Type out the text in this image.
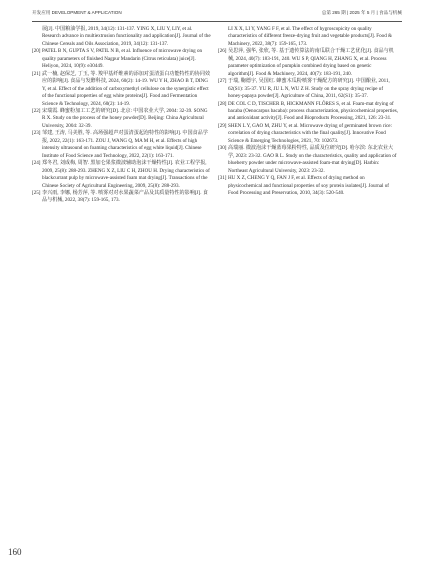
开发应用 DEVELOPMENT & APPLICATION	总第 265 期 | 2025 年 5 月 | 食品与机械

展[J]. 中国粮油学报, 2019, 34(12): 131-137. YING X, LIU Y, LIY, et al. Research advance in multiextrusion functionality and application[J]. Journal of the Chinese Cereals and Oils Association, 2019, 34(12): 131-137.

[20] PATEL B N, GUPTA S V, PATIL N B, et al. Influence of microwave drying on quality parameters of finished Nagpur Mandarin (Citrus reticulata) juice[J]. Heliyon, 2024, 10(9): e30449.

[21] 武一楠, 赵保芝, 丁玉, 等. 羧甲基纤维素的添加对蛋清蛋白功能特性的协同效应的影响[J]. 食品与发酵科技, 2024, 60(2): 14-19. WU Y H, ZHAO B T, DING Y, et al. Effect of the addition of carboxymethyl cellulose on the synergistic effect of the functional properties of egg white proteins[J]. Food and Fermentation Science & Technology, 2024, 60(2): 14-19.

[22] 宋瑞霞. 蜂蜜粉加工工艺的研究[D]. 北京: 中国农业大学, 2004: 32-39. SONG R X. Study on the process of the honey powder[D]. Beijing: China Agricultural University, 2004: 32-39.

[23] 邹建, 王涛, 马美胜, 等. 高场强超声对蛋清蛋起泡特性的影响[J]. 中国食品学报, 2022, 22(1): 163-171. ZOU J, WANG Q, MA M H, et al. Effects of high intensity ultrasound on foaming characteristics of egg white liquid[J]. Chinese Institute of Food Science and Technology, 2022, 22(1): 163-171.

[24] 郑冬君, 刘成梅, 周智. 黑加仑果浆微波辅助泡沫干燥特性[J]. 农业工程学报, 2009, 25(8): 288-293. ZHENG X Z, LIU C H, ZHOU H. Drying characteristics of blackcurrant pulp by microwave-assisted foam mat drying[J]. Transactions of the Chinese Society of Agricultural Engineering, 2009, 25(8): 288-293.

[25] 李兴雨, 李娜, 杨芳萍, 等. 喷雾对对水果蔬菜产品及其质量特性的影响[J]. 食品与机械, 2022, 38(7): 159-165, 173.

LI X X, LI Y, YANG F F, et al. The effect of hygroscopicity on quality characteristics of different freeze-drying fruit and vegetable products[J]. Food & Machinery, 2022, 38(7): 159-165, 173.

[26] 吴思萍, 强华, 张欣, 等. 基于遗传算法的南瓜联合干燥工艺优化[J]. 食品与机械, 2024, 40(7): 183-191, 240. WU S P, QIANG H, ZHANG X, et al. Process parameter optimization of pumpkin combined drying based on genetic algorithm[J]. Food & Machinery, 2024, 40(7): 183-191, 240.

[27] 于瑞, 鞠德宇, 吴国红. 蜂蜜木瓜粉喷雾干燥配方的研究[J]. 中国酿业, 2011, 62(S1): 35-37. YU R, JU L N, WU Z H. Study on the spray drying recipe of honey-papaya powder[J]. Agriculture of China, 2011, 62(S1): 35-37.

[28] DE COL C D, TISCHER B, HICKMANN FLÔRES S, et al. Foam-mat drying of bacaba (Oenocarpus bacaba): process characterization, physicochemical properties, and antioxidant activity[J]. Food and Bioproducts Processing, 2021, 126: 23-31.

[29] SHEN L Y, GAO M, ZHU Y, et al. Microwave drying of germinated brown rice: correlation of drying characteristics with the final quality[J]. Innovative Food Science & Emerging Technologies, 2021, 70: 102673.

[30] 高瑞丽. 微波泡沫干燥蓝莓果粉特性, 品质及位研究[D]. 哈尔滨: 东北农业大学, 2023: 23-32. GAO R L. Study on the characteristics, quality and application of blueberry powder under microwave-assisted foam-mat drying[D]. Harbin: Northeast Agricultural University, 2023: 23-32.

[31] HU X Z, CHENG Y Q, FAN J F, et al. Effects of drying method on physicochemical and functional properties of soy protein isolates[J]. Journal of Food Processing and Preservation, 2010, 34(3): 520-540.

160
